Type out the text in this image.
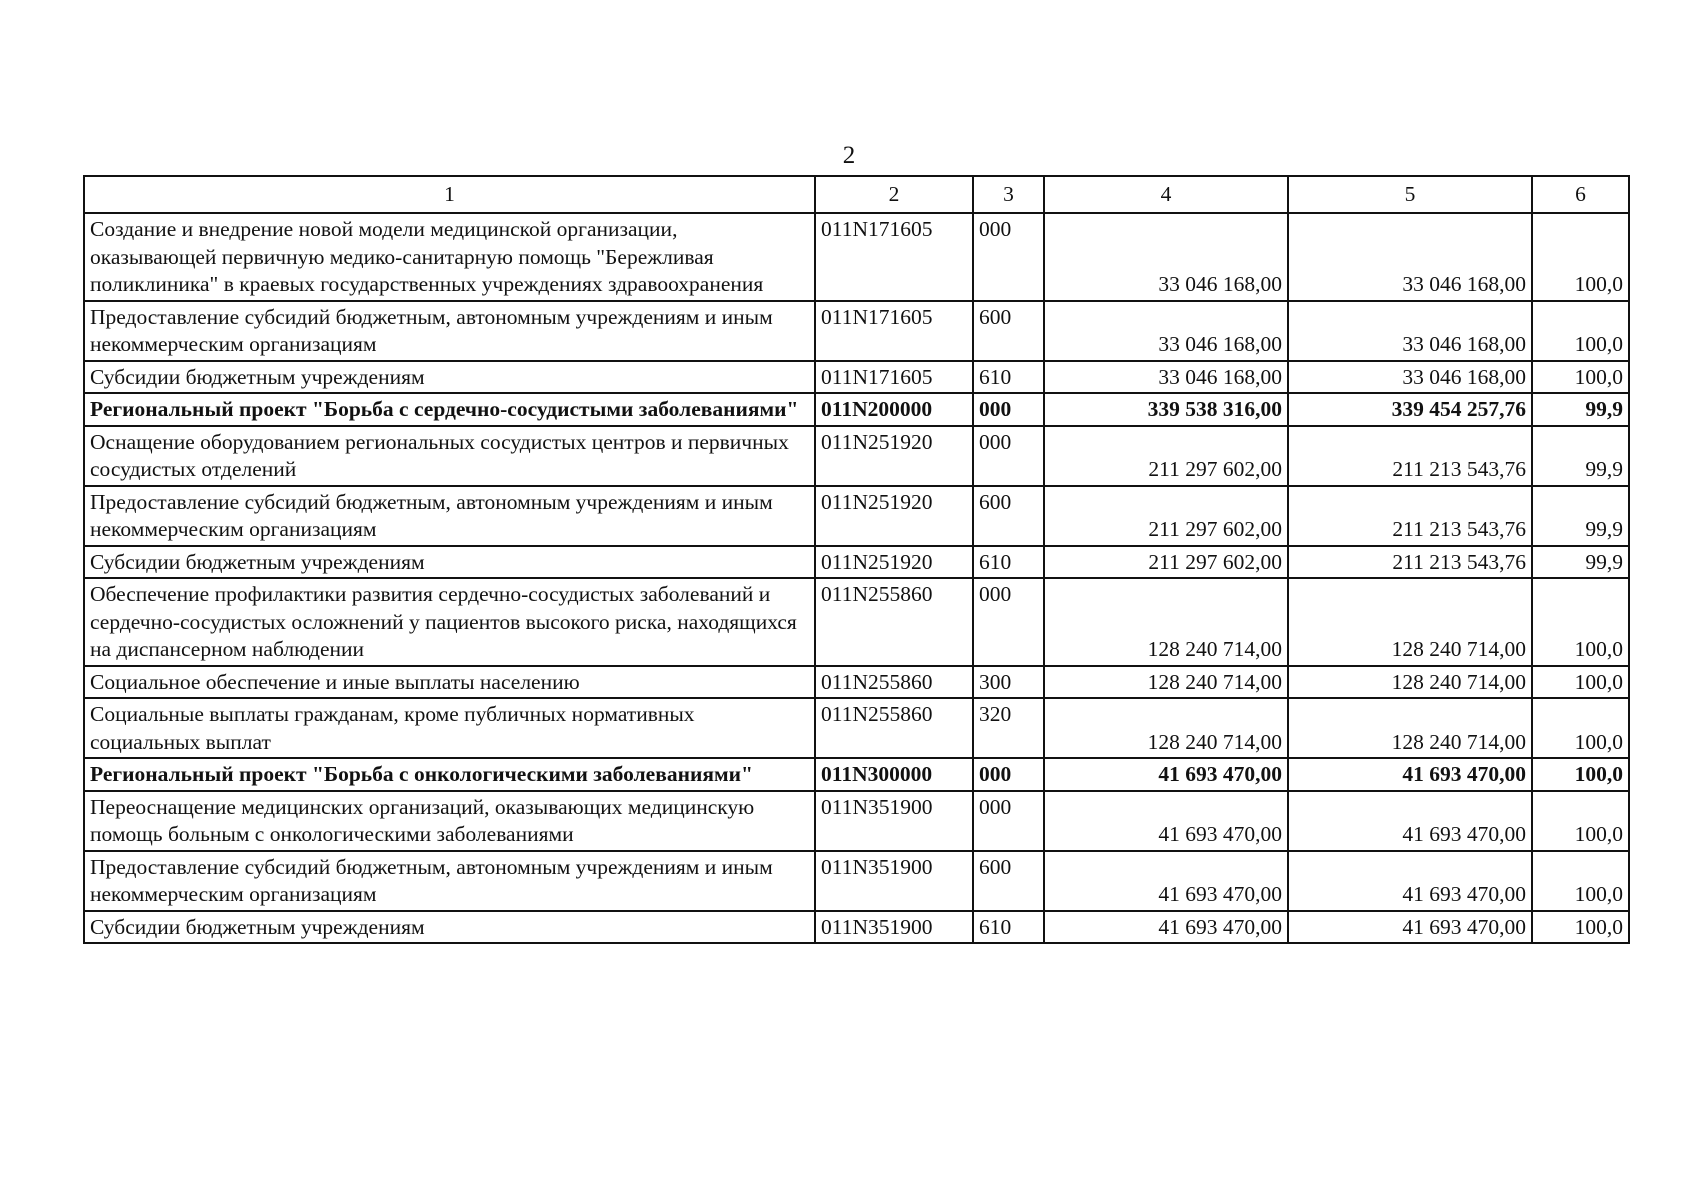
2
1	2	3	4	5	6
Создание и внедрение новой модели медицинской организации, оказывающей первичную медико-санитарную помощь "Бережливая поликлиника" в краевых государственных учреждениях здравоохранения	011N171605	000	33 046 168,00	33 046 168,00	100,0
Предоставление субсидий бюджетным, автономным учреждениям и иным некоммерческим организациям	011N171605	600	33 046 168,00	33 046 168,00	100,0
Субсидии бюджетным учреждениям	011N171605	610	33 046 168,00	33 046 168,00	100,0
Региональный проект "Борьба с сердечно-сосудистыми заболеваниями"	011N200000	000	339 538 316,00	339 454 257,76	99,9
Оснащение оборудованием региональных сосудистых центров и первичных сосудистых отделений	011N251920	000	211 297 602,00	211 213 543,76	99,9
Предоставление субсидий бюджетным, автономным учреждениям и иным некоммерческим организациям	011N251920	600	211 297 602,00	211 213 543,76	99,9
Субсидии бюджетным учреждениям	011N251920	610	211 297 602,00	211 213 543,76	99,9
Обеспечение профилактики развития сердечно-сосудистых заболеваний и сердечно-сосудистых осложнений у пациентов высокого риска, находящихся на диспансерном наблюдении	011N255860	000	128 240 714,00	128 240 714,00	100,0
Социальное обеспечение и иные выплаты населению	011N255860	300	128 240 714,00	128 240 714,00	100,0
Социальные выплаты гражданам, кроме публичных нормативных социальных выплат	011N255860	320	128 240 714,00	128 240 714,00	100,0
Региональный проект "Борьба с онкологическими заболеваниями"	011N300000	000	41 693 470,00	41 693 470,00	100,0
Переоснащение медицинских организаций, оказывающих медицинскую помощь больным с онкологическими заболеваниями	011N351900	000	41 693 470,00	41 693 470,00	100,0
Предоставление субсидий бюджетным, автономным учреждениям и иным некоммерческим организациям	011N351900	600	41 693 470,00	41 693 470,00	100,0
Субсидии бюджетным учреждениям	011N351900	610	41 693 470,00	41 693 470,00	100,0
